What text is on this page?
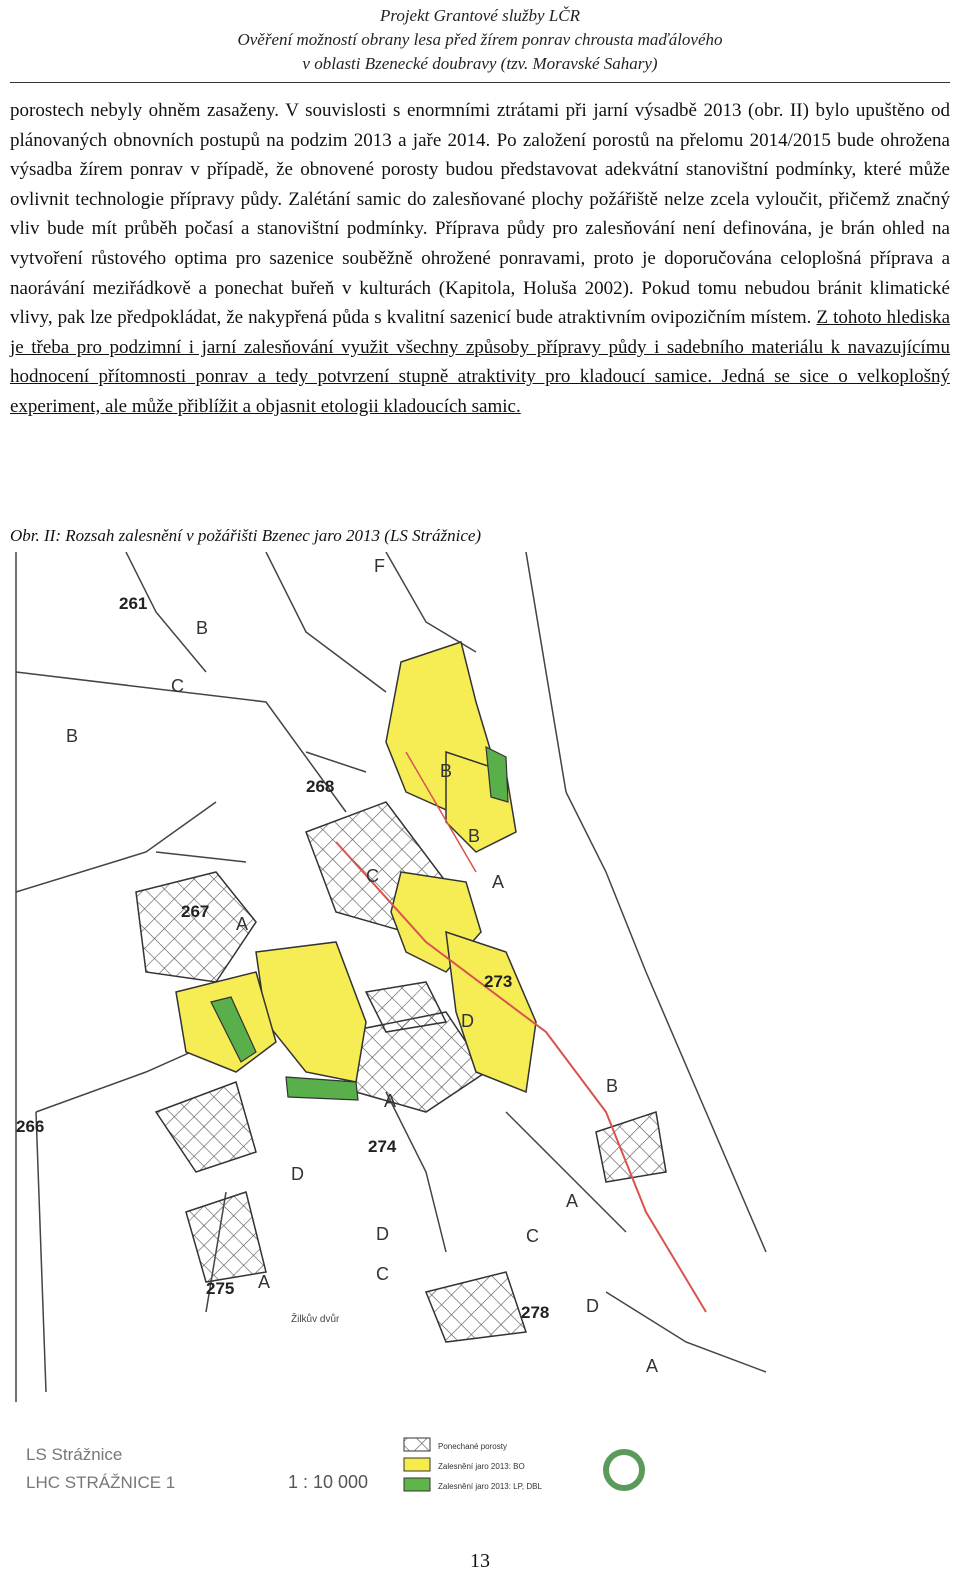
Projekt Grantové služby LČR
Ověření možností obrany lesa před žírem ponrav chrousta maďálového
v oblasti Bzenecké doubravy (tzv. Moravské Sahary)
porostech nebyly ohněm zasaženy. V souvislosti s enormními ztrátami při jarní výsadbě 2013 (obr. II) bylo upuštěno od plánovaných obnovních postupů na podzim 2013 a jaře 2014. Po založení porostů na přelomu 2014/2015 bude ohrožena výsadba žírem ponrav v případě, že obnovené porosty budou představovat adekvátní stanovištní podmínky, které může ovlivnit technologie přípravy půdy. Zalétání samic do zalesňované plochy požářiště nelze zcela vyloučit, přičemž značný vliv bude mít průběh počasí a stanovištní podmínky. Příprava půdy pro zalesňování není definována, je brán ohled na vytvoření růstového optima pro sazenice souběžně ohrožené ponravami, proto je doporučována celoplošná příprava a naorávání meziřádkově a ponechat buřeň v kulturách (Kapitola, Holuša 2002). Pokud tomu nebudou bránit klimatické vlivy, pak lze předpokládat, že nakypřená půda s kvalitní sazenicí bude atraktivním ovipozičním místem. Z tohoto hlediska je třeba pro podzimní i jarní zalesňování využit všechny způsoby přípravy půdy i sadebního materiálu k navazujícímu hodnocení přítomnosti ponrav a tedy potvrzení stupně atraktivity pro kladoucí samice. Jedná se sice o velkoplošný experiment, ale může přiblížit a objasnit etologii kladoucích samic.
Obr. II: Rozsah zalesnění v požářišti Bzenec jaro 2013 (LS Strážnice)
261
268
267
273
274
266
275
278
B
F
C
B
B
A
C
A
D
A
D
D
C
A
A
B
D
C
A
B
Žilkův dvůr
LS Strážnice
LHC STRÁŽNICE 1	1 : 10 000
Ponechané porosty
Zalesnění jaro 2013: BO
Zalesnění jaro 2013: LP, DBL
13
